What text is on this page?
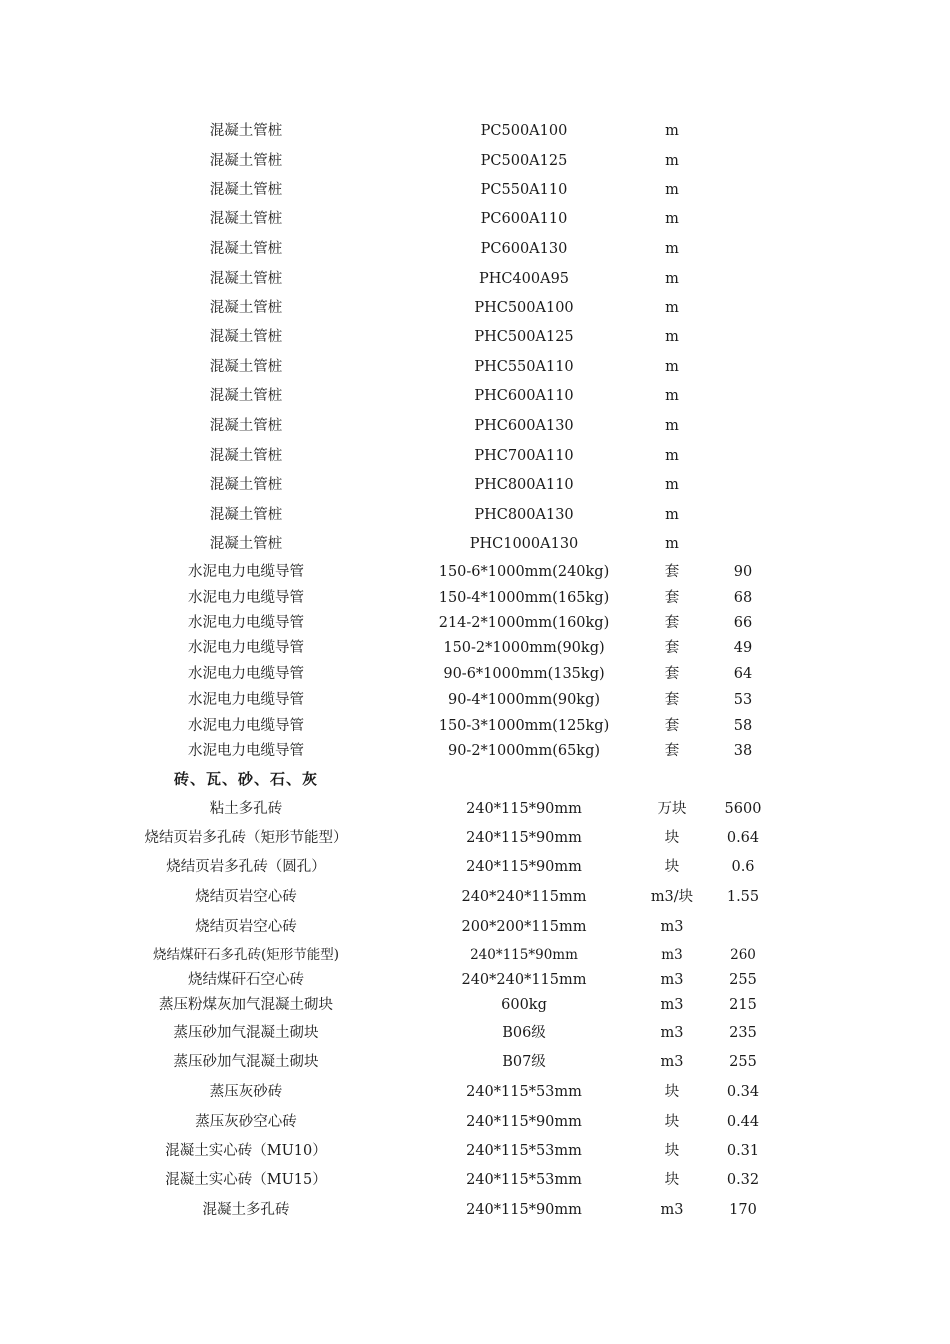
混凝土管桩	PC500A100	m
混凝土管桩	PC500A125	m
混凝土管桩	PC550A110	m
混凝土管桩	PC600A110	m
混凝土管桩	PC600A130	m
混凝土管桩	PHC400A95	m
混凝土管桩	PHC500A100	m
混凝土管桩	PHC500A125	m
混凝土管桩	PHC550A110	m
混凝土管桩	PHC600A110	m
混凝土管桩	PHC600A130	m
混凝土管桩	PHC700A110	m
混凝土管桩	PHC800A110	m
混凝土管桩	PHC800A130	m
混凝土管桩	PHC1000A130	m
水泥电力电缆导管	150-6*1000mm(240kg)	套	90
水泥电力电缆导管	150-4*1000mm(165kg)	套	68
水泥电力电缆导管	214-2*1000mm(160kg)	套	66
水泥电力电缆导管	150-2*1000mm(90kg)	套	49
水泥电力电缆导管	90-6*1000mm(135kg)	套	64
水泥电力电缆导管	90-4*1000mm(90kg)	套	53
水泥电力电缆导管	150-3*1000mm(125kg)	套	58
水泥电力电缆导管	90-2*1000mm(65kg)	套	38
砖、瓦、砂、石、灰
粘土多孔砖	240*115*90mm	万块	5600
烧结页岩多孔砖（矩形节能型）	240*115*90mm	块	0.64
烧结页岩多孔砖（圆孔）	240*115*90mm	块	0.6
烧结页岩空心砖	240*240*115mm	m3/块	1.55
烧结页岩空心砖	200*200*115mm	m3
烧结煤矸石多孔砖(矩形节能型)	240*115*90mm	m3	260
烧结煤矸石空心砖	240*240*115mm	m3	255
蒸压粉煤灰加气混凝土砌块	600kg	m3	215
蒸压砂加气混凝土砌块	B06级	m3	235
蒸压砂加气混凝土砌块	B07级	m3	255
蒸压灰砂砖	240*115*53mm	块	0.34
蒸压灰砂空心砖	240*115*90mm	块	0.44
混凝土实心砖（MU10）	240*115*53mm	块	0.31
混凝土实心砖（MU15）	240*115*53mm	块	0.32
混凝土多孔砖	240*115*90mm	m3	170
